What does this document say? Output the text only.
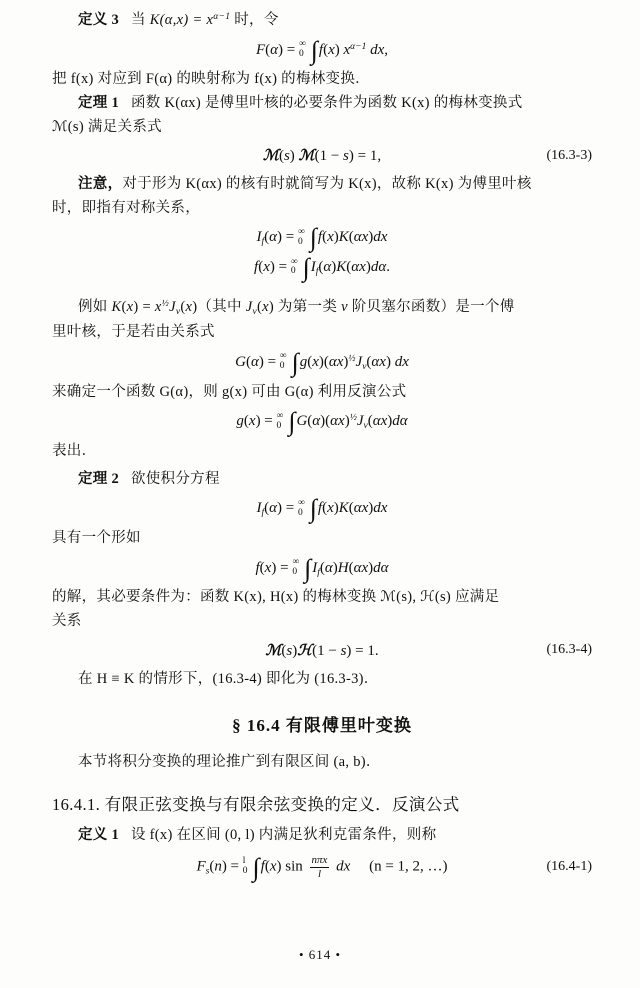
定义 3 当 $K(\alpha,x) = x^{\alpha-1}$ 时，令
F(α) = ∞
0 ∫f(x) $x^{\alpha-1}$ dx,
把 f(x) 对应到 F(α) 的映射称为 f(x) 的梅林变换．
定理 1 函数 K(αx) 是傅里叶核的必要条件为函数 K(x) 的梅林变换式
ℳ(s) 满足关系式
ℳ(s) ℳ(1 − s) = 1,	(16.3-3)
注意，对于形为 K(αx) 的核有时就简写为 K(x)，故称 K(x) 为傅里叶核
时，即指有对称关系，
$I_f(\alpha)$ = ∞
0 ∫f(x)K(αx)dx
f(x) = ∞
0 $\int I_f(\alpha)K(\alpha x)d\alpha$.
例如 $K(x) = x^{\frac{1}{2}}J_\nu(x)$（其中 $J_\nu(x)$ 为第一类 ν 阶贝塞尔函数）是一个傅
里叶核，于是若由关系式
G(α) = ∞
0 $\int g(x)(\alpha x)^{\frac{1}{2}}J_\nu(\alpha x)$ dx
来确定一个函数 G(α)，则 g(x) 可由 G(α) 利用反演公式
g(x) = ∞
0 $\int G(\alpha)(\alpha x)^{\frac{1}{2}}J_\nu(\alpha x)d\alpha$
表出．
定理 2 欲使积分方程
$I_f(\alpha)$ = ∞
0 ∫f(x)K(αx)dx
具有一个形如
f(x) = ∞
0 $\int I_f(\alpha)H(\alpha x)d\alpha$
的解，其必要条件为：函数 K(x), H(x) 的梅林变换 ℳ(s), ℋ(s) 应满足
关系
ℳ(s)ℋ(1 − s) = 1.	(16.3-4)
在 H ≡ K 的情形下，(16.3-4) 即化为 (16.3-3)．
§ 16.4 有限傅里叶变换
本节将积分变换的理论推广到有限区间 (a, b)．
16.4.1. 有限正弦变换与有限余弦变换的定义．反演公式
定义 1 设 f(x) 在区间 (0, l) 内满足狄利克雷条件，则称
$F_s(n) = l$
0 ∫f(x) $\sin \frac{\text{nπx}}{l}$ dx (n = 1, 2, …)	(16.4-1)
• 614 •
